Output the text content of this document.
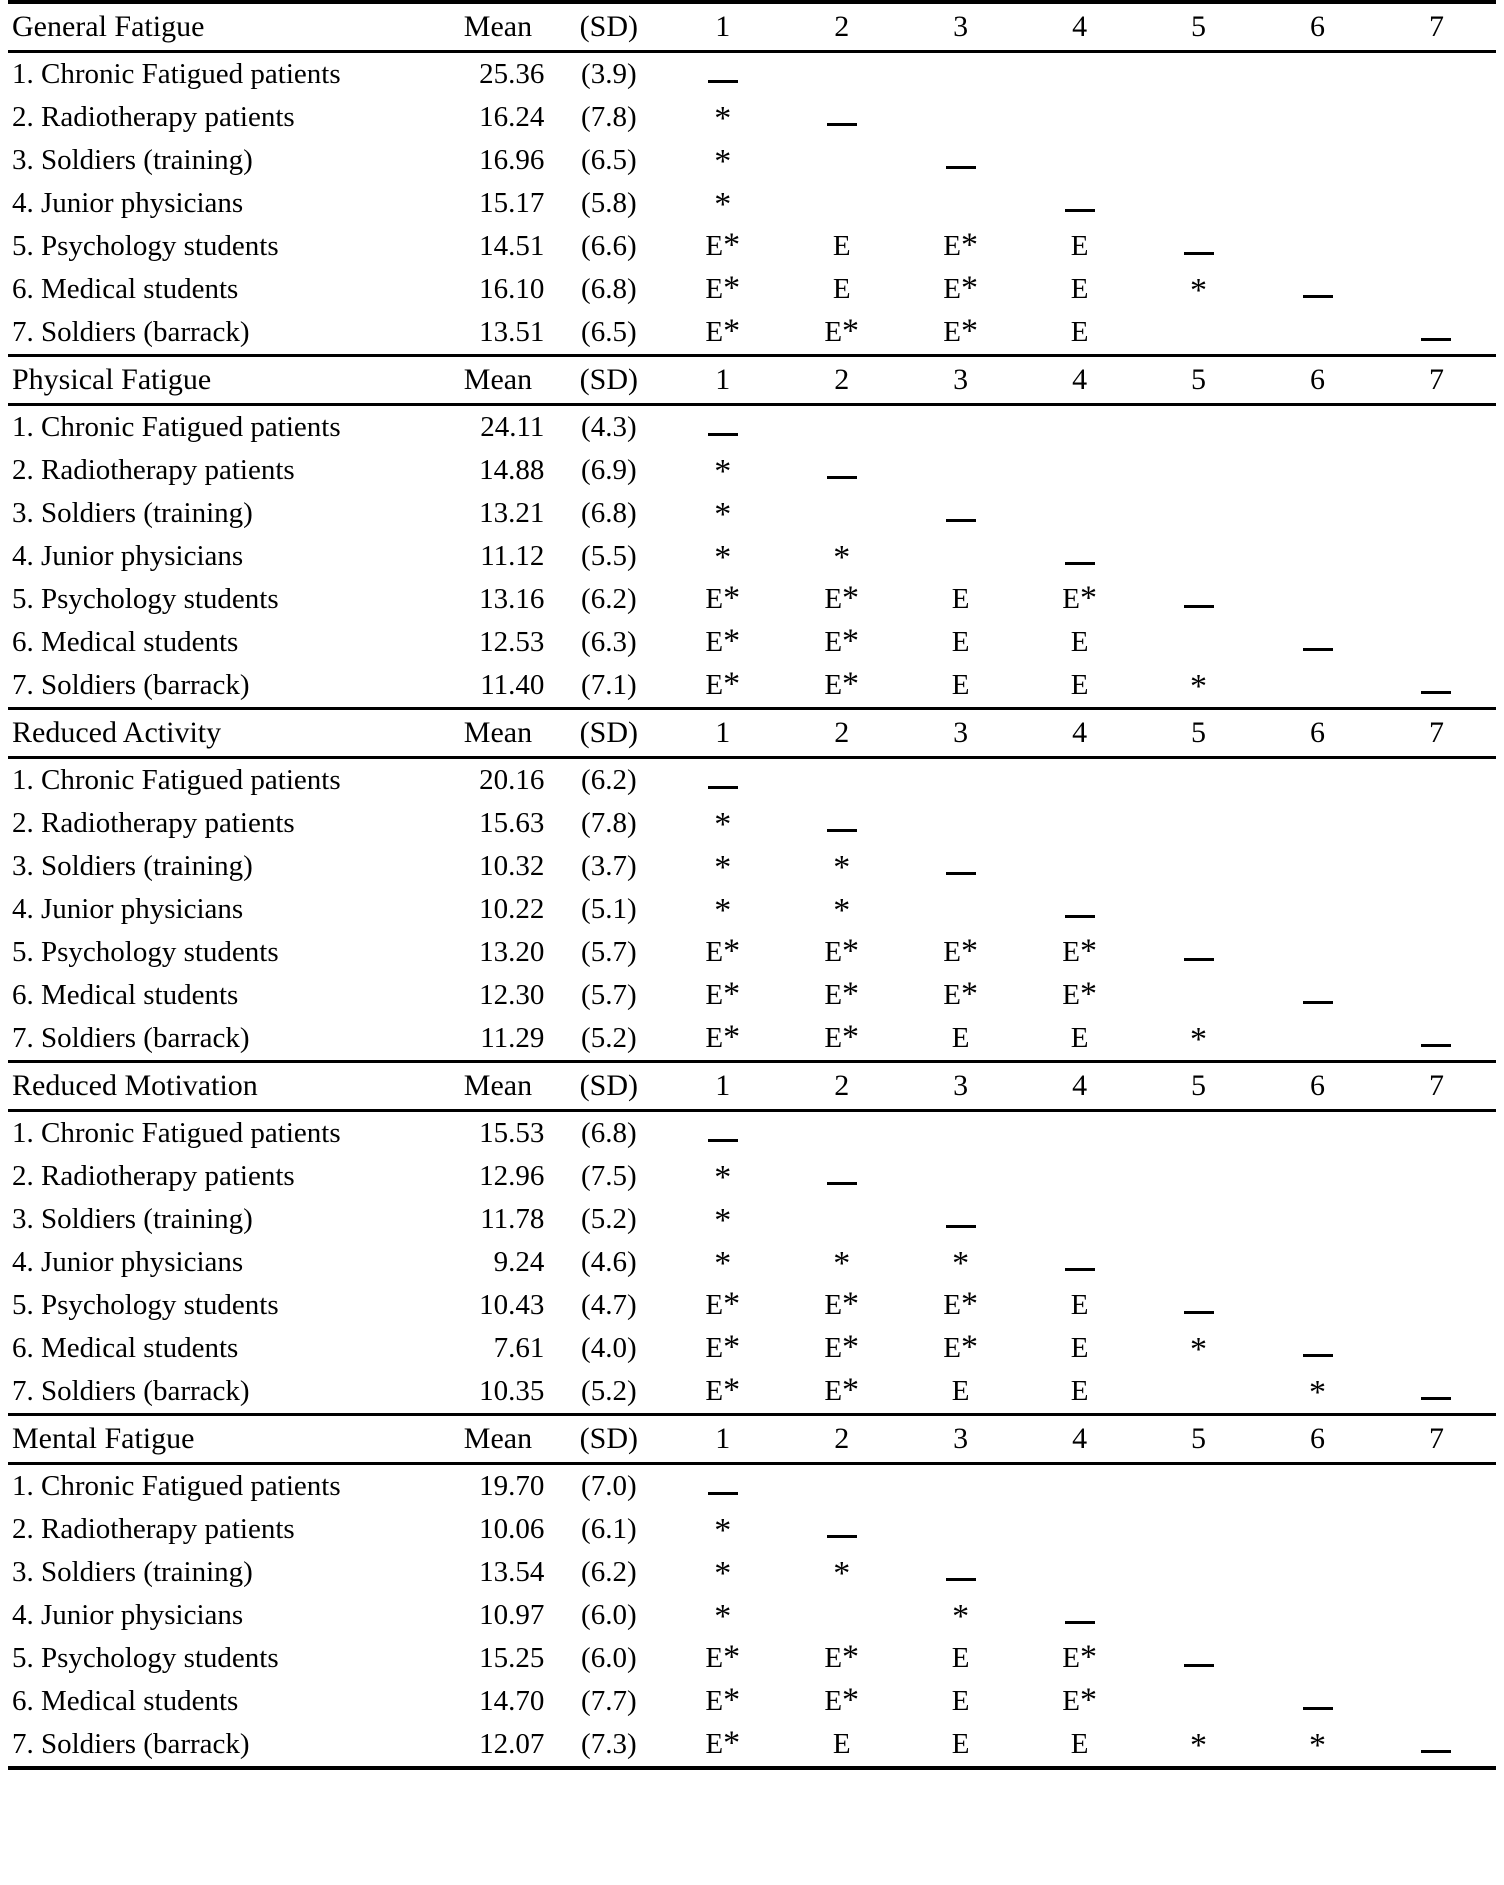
General Fatigue	Mean	(SD)	1	2	3	4	5	6	7

1. Chronic Fatigued patients	25.36	(3.9)							
2. Radiotherapy patients	16.24	(7.8)	*						
3. Soldiers (training)	16.96	(6.5)	*						
4. Junior physicians	15.17	(5.8)	*						
5. Psychology students	14.51	(6.6)	E*	E	E*	E			
6. Medical students	16.10	(6.8)	E*	E	E*	E	*		
7. Soldiers (barrack)	13.51	(6.5)	E*	E*	E*	E			

Physical Fatigue	Mean	(SD)	1	2	3	4	5	6	7

1. Chronic Fatigued patients	24.11	(4.3)							
2. Radiotherapy patients	14.88	(6.9)	*						
3. Soldiers (training)	13.21	(6.8)	*						
4. Junior physicians	11.12	(5.5)	*	*					
5. Psychology students	13.16	(6.2)	E*	E*	E	E*			
6. Medical students	12.53	(6.3)	E*	E*	E	E			
7. Soldiers (barrack)	11.40	(7.1)	E*	E*	E	E	*		

Reduced Activity	Mean	(SD)	1	2	3	4	5	6	7

1. Chronic Fatigued patients	20.16	(6.2)							
2. Radiotherapy patients	15.63	(7.8)	*						
3. Soldiers (training)	10.32	(3.7)	*	*					
4. Junior physicians	10.22	(5.1)	*	*					
5. Psychology students	13.20	(5.7)	E*	E*	E*	E*			
6. Medical students	12.30	(5.7)	E*	E*	E*	E*			
7. Soldiers (barrack)	11.29	(5.2)	E*	E*	E	E	*		

Reduced Motivation	Mean	(SD)	1	2	3	4	5	6	7

1. Chronic Fatigued patients	15.53	(6.8)							
2. Radiotherapy patients	12.96	(7.5)	*						
3. Soldiers (training)	11.78	(5.2)	*						
4. Junior physicians	9.24	(4.6)	*	*	*				
5. Psychology students	10.43	(4.7)	E*	E*	E*	E			
6. Medical students	7.61	(4.0)	E*	E*	E*	E	*		
7. Soldiers (barrack)	10.35	(5.2)	E*	E*	E	E		*	

Mental Fatigue	Mean	(SD)	1	2	3	4	5	6	7

1. Chronic Fatigued patients	19.70	(7.0)							
2. Radiotherapy patients	10.06	(6.1)	*						
3. Soldiers (training)	13.54	(6.2)	*	*					
4. Junior physicians	10.97	(6.0)	*		*				
5. Psychology students	15.25	(6.0)	E*	E*	E	E*			
6. Medical students	14.70	(7.7)	E*	E*	E	E*			
7. Soldiers (barrack)	12.07	(7.3)	E*	E	E	E	*	*	
